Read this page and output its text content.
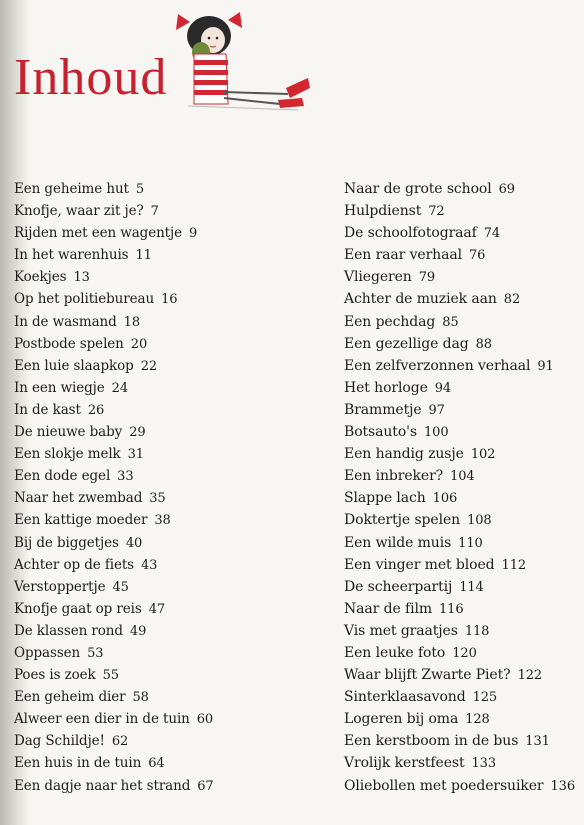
Inhoud
Een geheime hut 5
Knofje, waar zit je? 7
Rijden met een wagentje 9
In het warenhuis 11
Koekjes 13
Op het politiebureau 16
In de wasmand 18
Postbode spelen 20
Een luie slaapkop 22
In een wiegje 24
In de kast 26
De nieuwe baby 29
Een slokje melk 31
Een dode egel 33
Naar het zwembad 35
Een kattige moeder 38
Bij de biggetjes 40
Achter op de fiets 43
Verstoppertje 45
Knofje gaat op reis 47
De klassen rond 49
Oppassen 53
Poes is zoek 55
Een geheim dier 58
Alweer een dier in de tuin 60
Dag Schildje! 62
Een huis in de tuin 64
Een dagje naar het strand 67
Naar de grote school 69
Hulpdienst 72
De schoolfotograaf 74
Een raar verhaal 76
Vliegeren 79
Achter de muziek aan 82
Een pechdag 85
Een gezellige dag 88
Een zelfverzonnen verhaal 91
Het horloge 94
Brammetje 97
Botsauto's 100
Een handig zusje 102
Een inbreker? 104
Slappe lach 106
Doktertje spelen 108
Een wilde muis 110
Een vinger met bloed 112
De scheerpartij 114
Naar de film 116
Vis met graatjes 118
Een leuke foto 120
Waar blijft Zwarte Piet? 122
Sinterklaasavond 125
Logeren bij oma 128
Een kerstboom in de bus 131
Vrolijk kerstfeest 133
Oliebollen met poedersuiker 136
